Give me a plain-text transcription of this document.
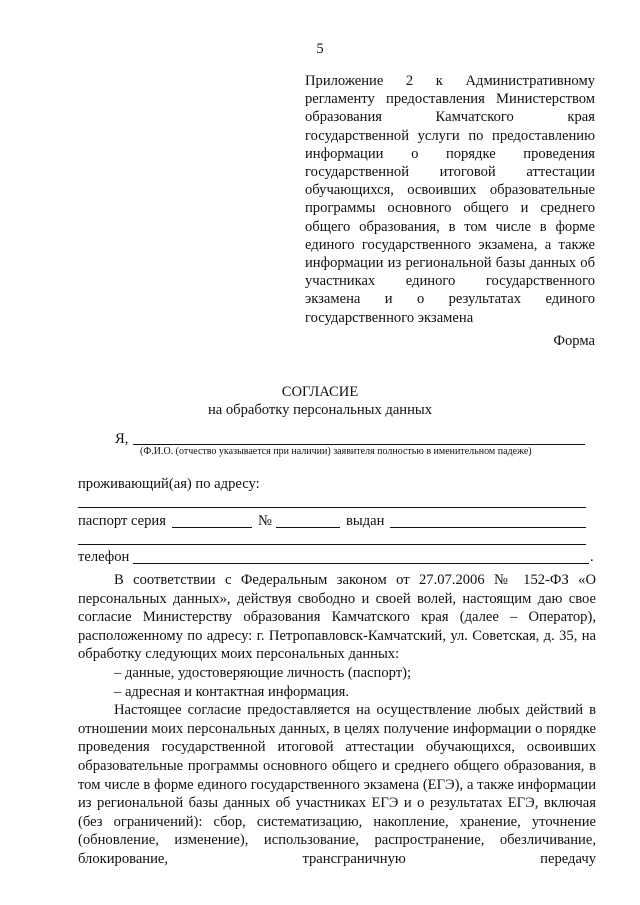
5
Приложение 2 к Административному регламенту предоставления Министерством образования Камчатского края государственной услуги по предоставлению информации о порядке проведения государственной итоговой аттестации обучающихся, освоивших образовательные программы основного общего и среднего общего образования, в том числе в форме единого государственного экзамена, а также информации из региональной базы данных об участниках единого государственного экзамена и о результатах единого государственного экзамена
Форма
СОГЛАСИЕ
на обработку персональных данных
Я,
(Ф.И.О. (отчество указывается при наличии) заявителя полностью в именительном падеже)
проживающий(ая) по адресу:
паспорт серия	№	выдан
телефон	.

В соответствии с Федеральным законом от 27.07.2006 № 152-ФЗ «О персональных данных», действуя свободно и своей волей, настоящим даю свое согласие Министерству образования Камчатского края (далее – Оператор), расположенному по адресу: г. Петропавловск-Камчатский, ул. Советская, д. 35, на обработку следующих моих персональных данных:

– данные, удостоверяющие личность (паспорт);

– адресная и контактная информация.

Настоящее согласие предоставляется на осуществление любых действий в отношении моих персональных данных, в целях получение информации о порядке проведения государственной итоговой аттестации обучающихся, освоивших образовательные программы основного общего и среднего общего образования, в том числе в форме единого государственного экзамена (ЕГЭ), а также информации из региональной базы данных об участниках ЕГЭ и о результатах ЕГЭ, включая (без ограничений): сбор, систематизацию, накопление, хранение, уточнение (обновление, изменение), использование, распространение, обезличивание, блокирование, трансграничную передачу
